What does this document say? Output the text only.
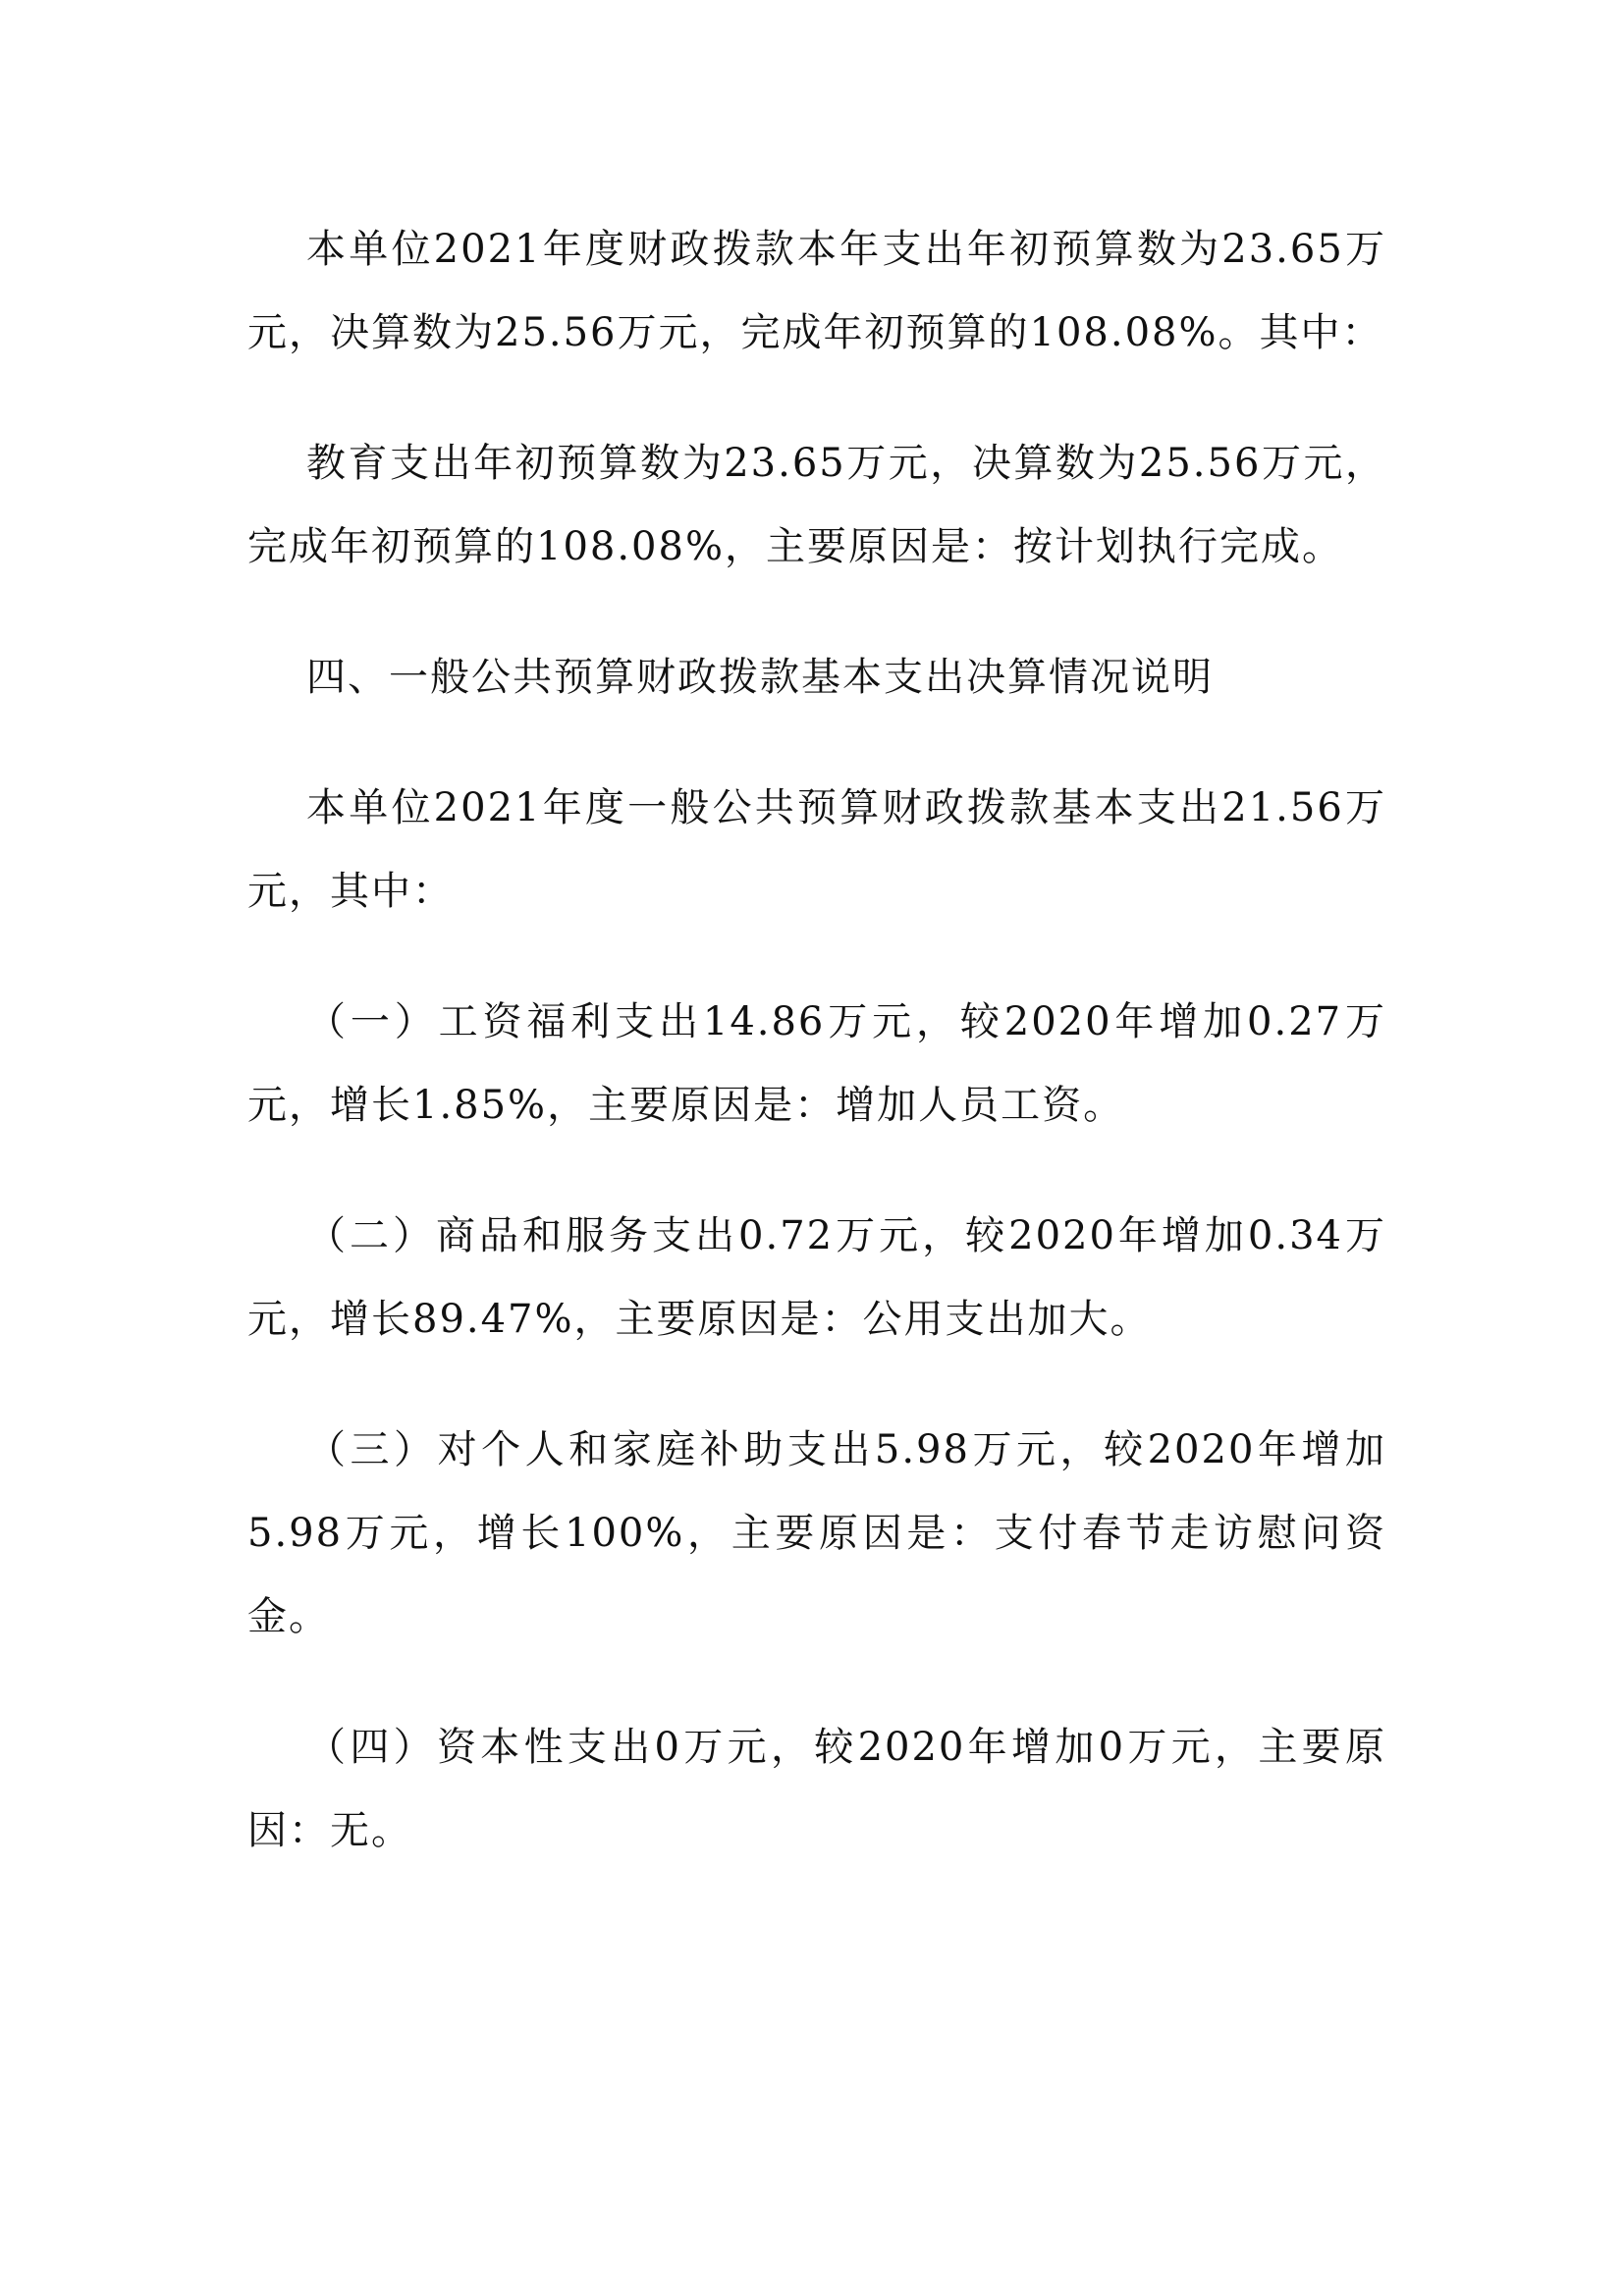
本单位2021年度财政拨款本年支出年初预算数为23.65万元，决算数为25.56万元，完成年初预算的108.08%。其中：

教育支出年初预算数为23.65万元，决算数为25.56万元，完成年初预算的108.08%，主要原因是：按计划执行完成。

四、一般公共预算财政拨款基本支出决算情况说明

本单位2021年度一般公共预算财政拨款基本支出21.56万元，其中：

（一）工资福利支出14.86万元，较2020年增加0.27万元，增长1.85%，主要原因是：增加人员工资。

（二）商品和服务支出0.72万元，较2020年增加0.34万元，增长89.47%，主要原因是：公用支出加大。

（三）对个人和家庭补助支出5.98万元，较2020年增加5.98万元，增长100%，主要原因是：支付春节走访慰问资金。

（四）资本性支出0万元，较2020年增加0万元，主要原因：无。
